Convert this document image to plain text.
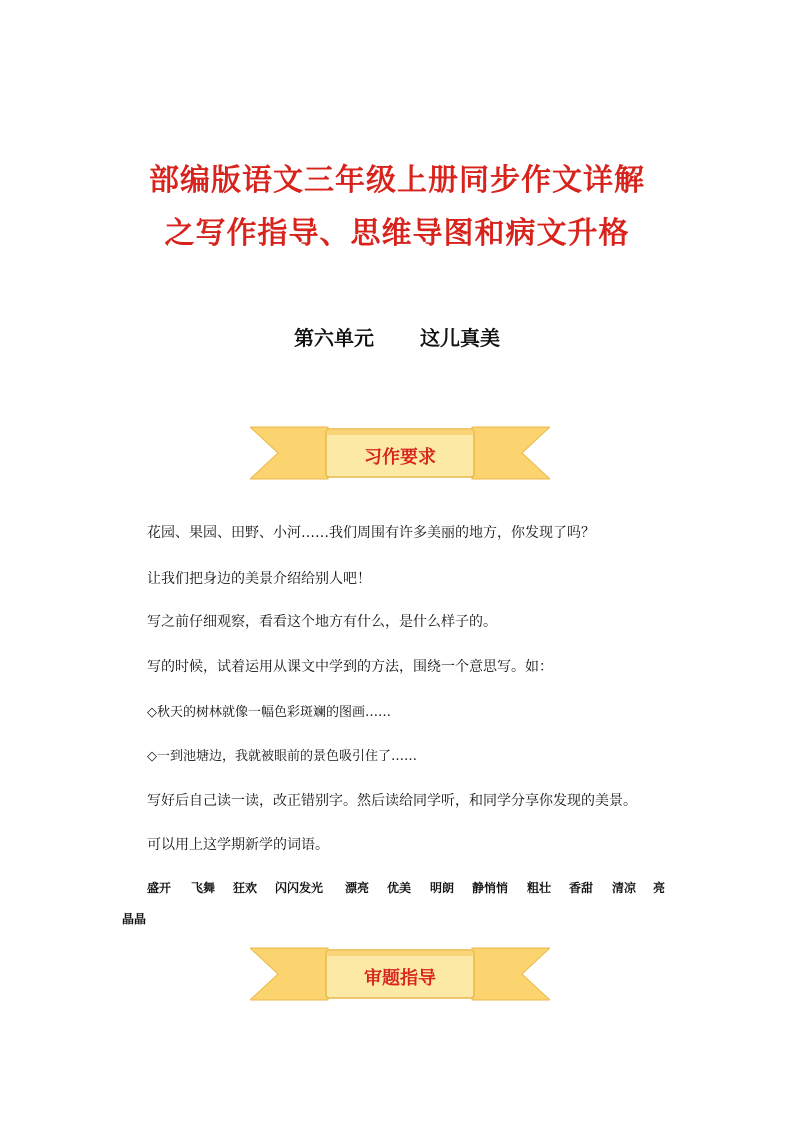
部编版语文三年级上册同步作文详解
之写作指导、思维导图和病文升格
第六单元 这儿真美
习作要求
花园、果园、田野、小河……我们周围有许多美丽的地方，你发现了吗？
让我们把身边的美景介绍给别人吧！
写之前仔细观察，看看这个地方有什么，是什么样子的。
写的时候，试着运用从课文中学到的方法，围绕一个意思写。如：
◇秋天的树林就像一幅色彩斑斓的图画……
◇一到池塘边，我就被眼前的景色吸引住了……
写好后自己读一读，改正错别字。然后读给同学听，和同学分享你发现的美景。
可以用上这学期新学的词语。
盛开 飞舞 狂欢 闪闪发光 漂亮 优美 明朗 静悄悄 粗壮 香甜 清凉 亮
晶晶
审题指导
